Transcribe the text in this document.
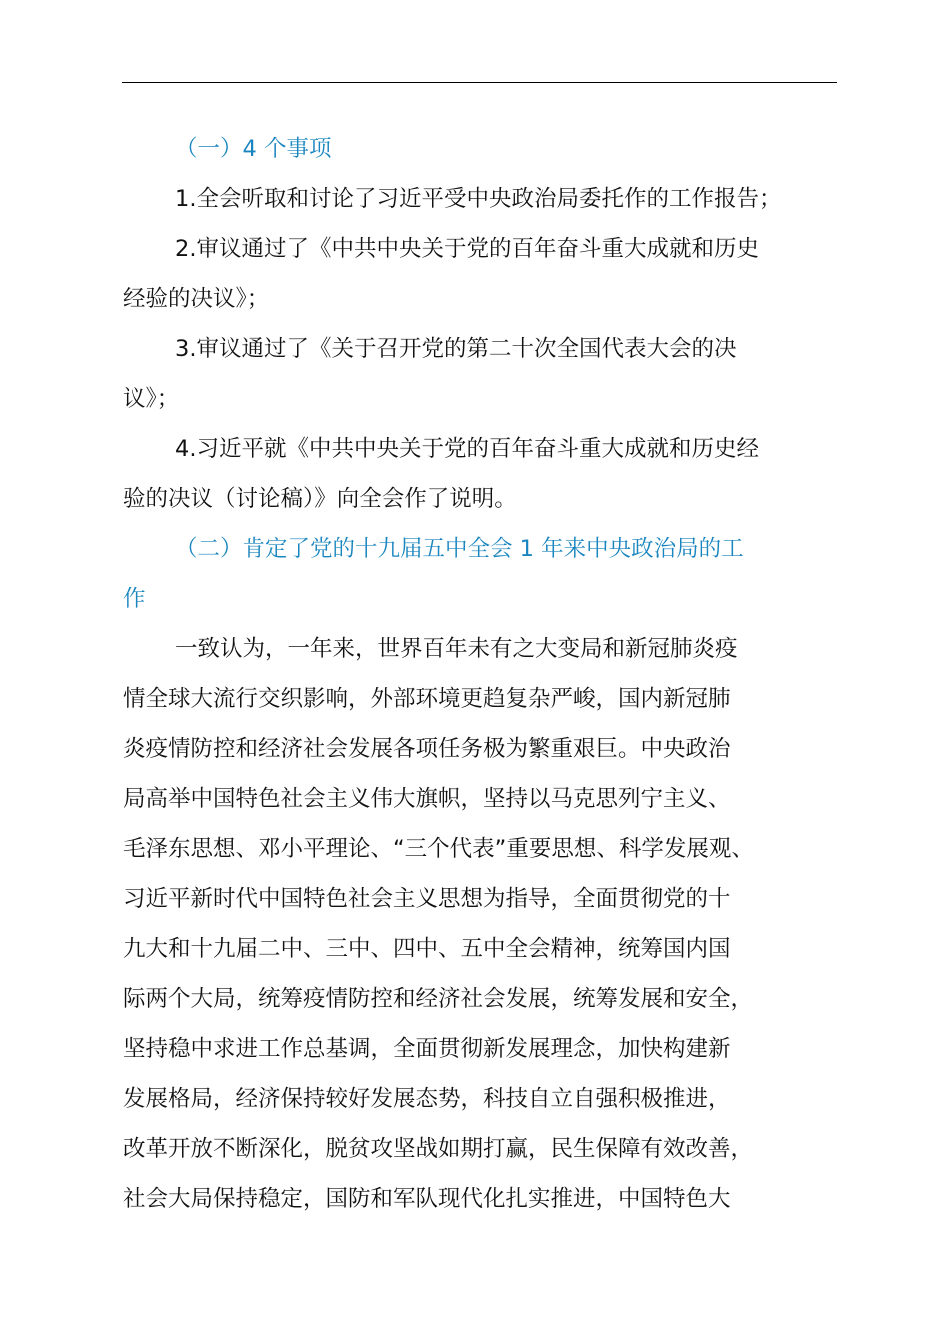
（一）4 个事项
1.全会听取和讨论了习近平受中央政治局委托作的工作报告；
2.审议通过了《中共中央关于党的百年奋斗重大成就和历史
经验的决议》；
3.审议通过了《关于召开党的第二十次全国代表大会的决
议》；
4.习近平就《中共中央关于党的百年奋斗重大成就和历史经
验的决议（讨论稿）》向全会作了说明。
（二）肯定了党的十九届五中全会 1 年来中央政治局的工
作
一致认为，一年来，世界百年未有之大变局和新冠肺炎疫
情全球大流行交织影响，外部环境更趋复杂严峻，国内新冠肺
炎疫情防控和经济社会发展各项任务极为繁重艰巨。中央政治
局高举中国特色社会主义伟大旗帜，坚持以马克思列宁主义、
毛泽东思想、邓小平理论、“三个代表”重要思想、科学发展观、
习近平新时代中国特色社会主义思想为指导，全面贯彻党的十
九大和十九届二中、三中、四中、五中全会精神，统筹国内国
际两个大局，统筹疫情防控和经济社会发展，统筹发展和安全，
坚持稳中求进工作总基调，全面贯彻新发展理念，加快构建新
发展格局，经济保持较好发展态势，科技自立自强积极推进，
改革开放不断深化，脱贫攻坚战如期打赢，民生保障有效改善，
社会大局保持稳定，国防和军队现代化扎实推进，中国特色大
